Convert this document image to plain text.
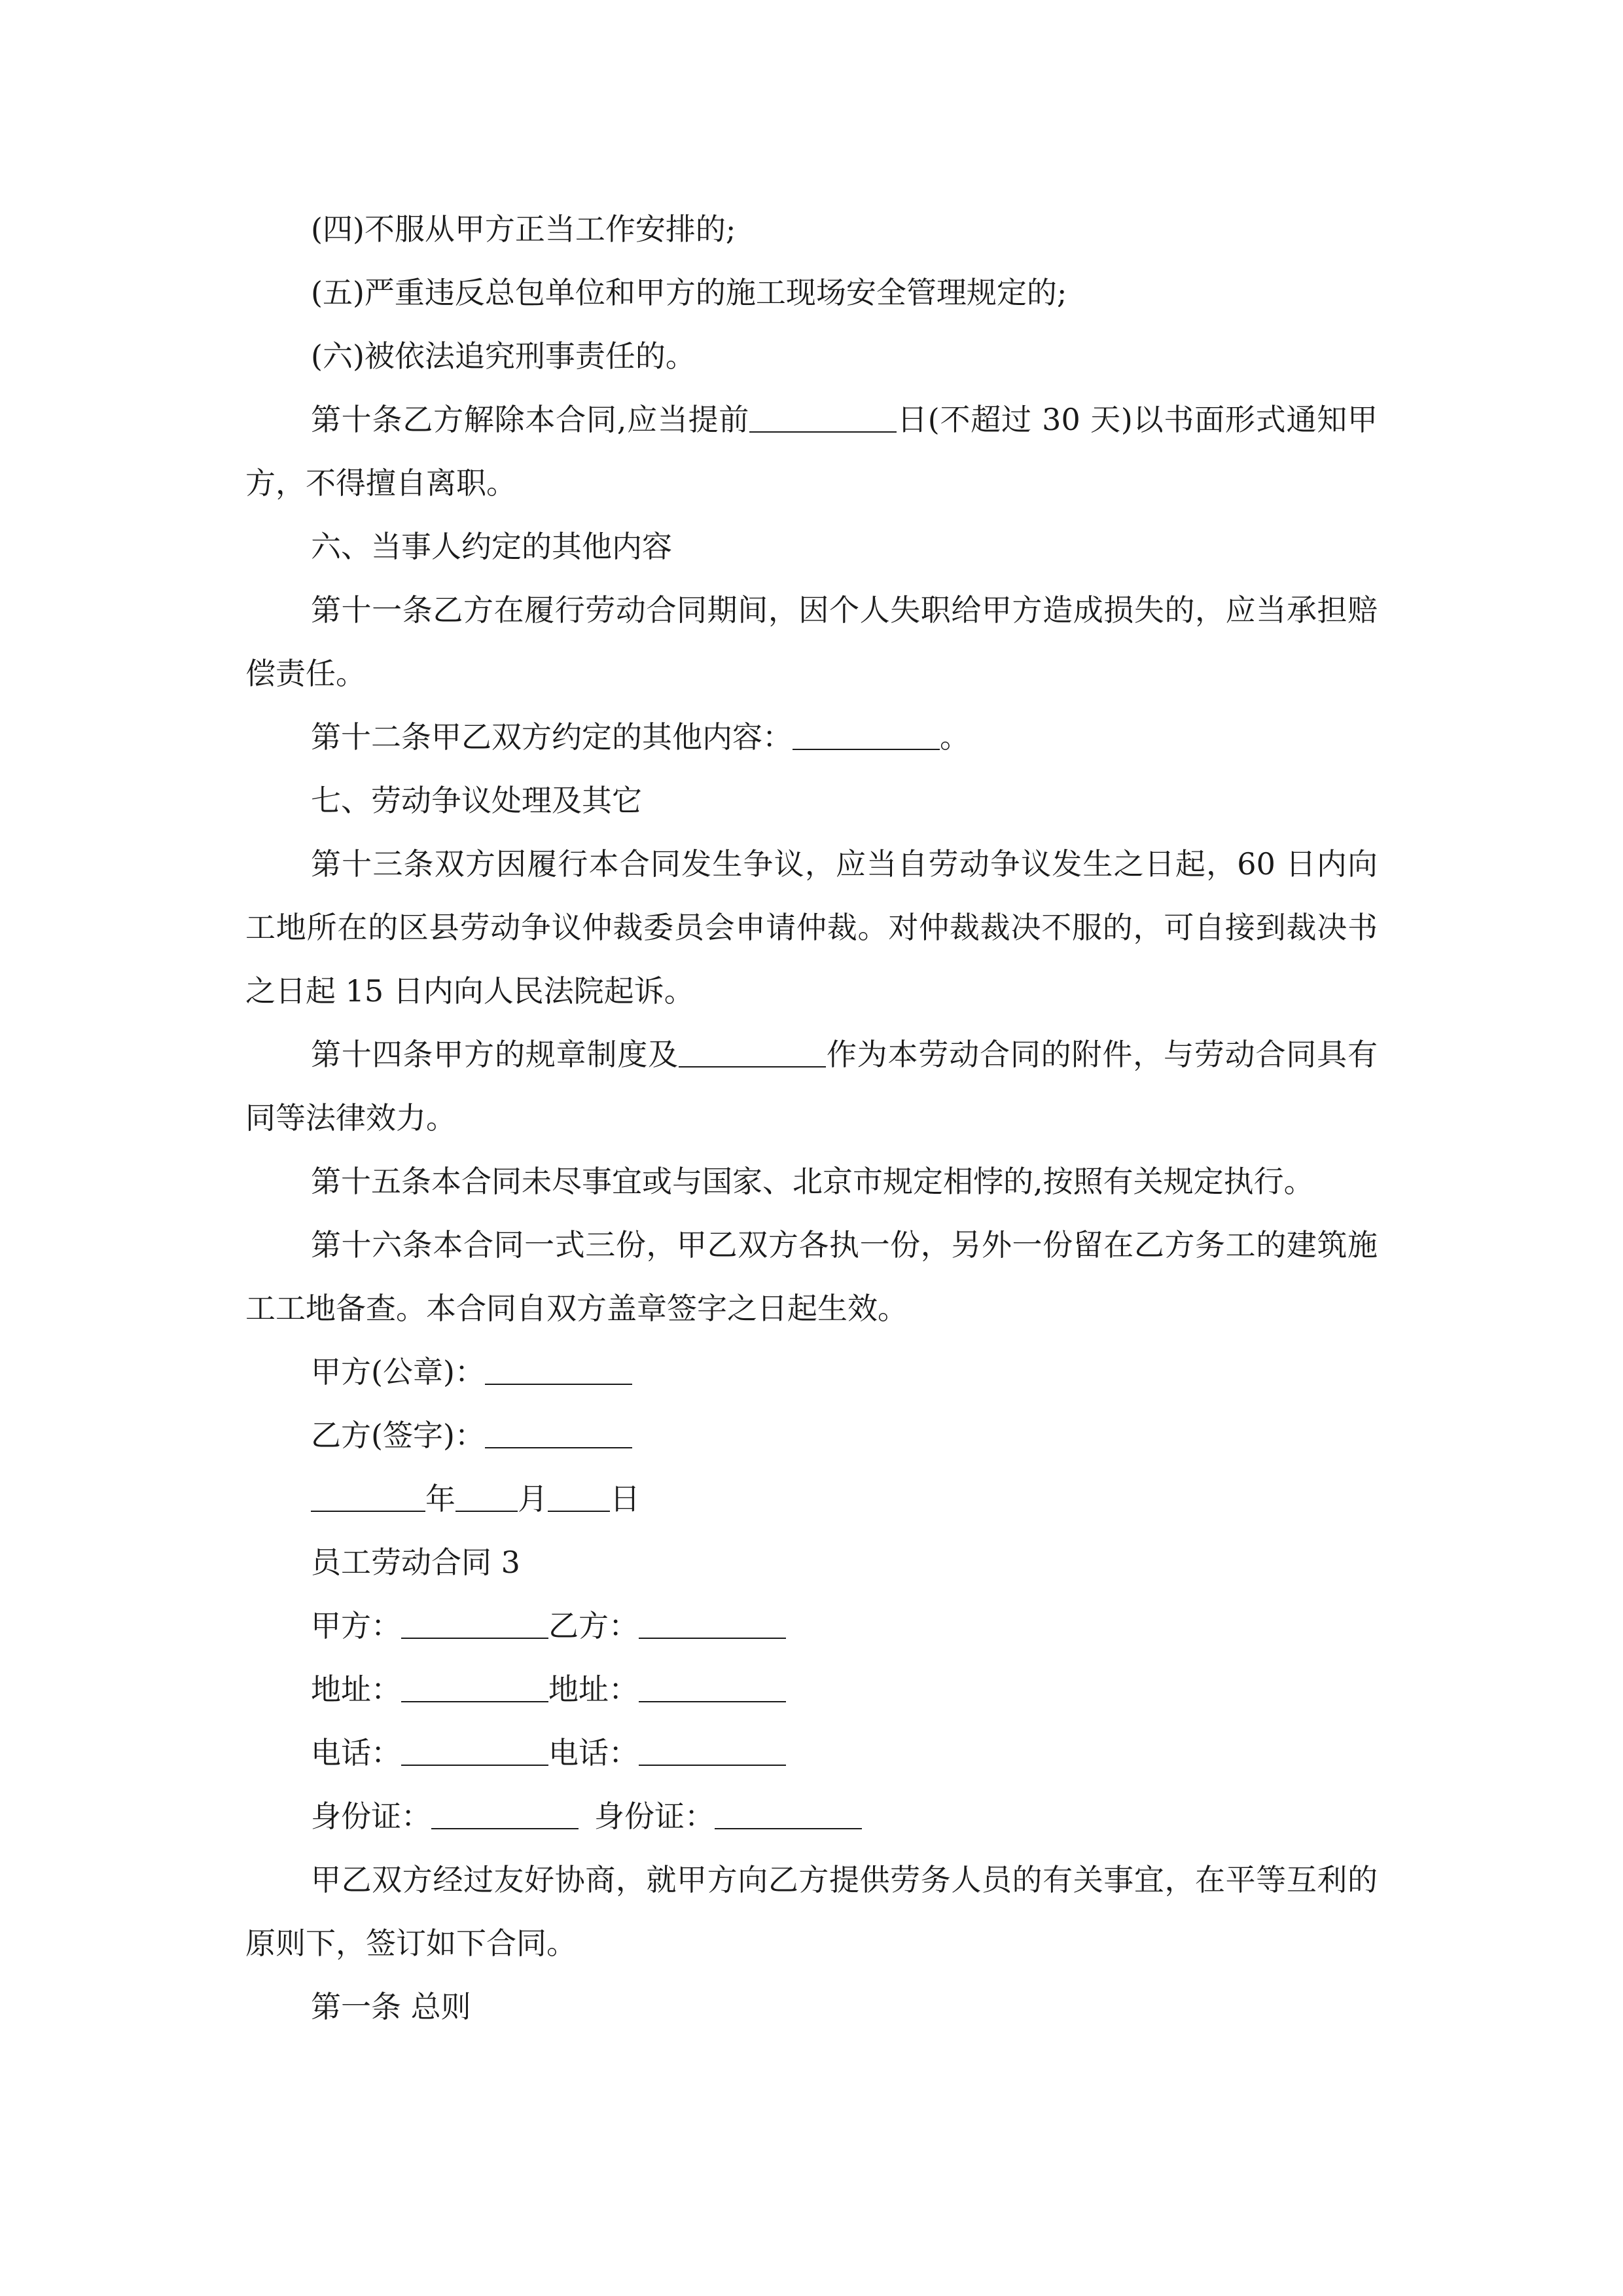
(四)不服从甲方正当工作安排的;

(五)严重违反总包单位和甲方的施工现场安全管理规定的;

(六)被依法追究刑事责任的。

第十条乙方解除本合同,应当提前	日(不超过 30 天)以书面形式通知甲方，不得擅自离职。

六、当事人约定的其他内容

第十一条乙方在履行劳动合同期间，因个人失职给甲方造成损失的，应当承担赔偿责任。

第十二条甲乙双方约定的其他内容：	。

七、劳动争议处理及其它

第十三条双方因履行本合同发生争议，应当自劳动争议发生之日起，60 日内向工地所在的区县劳动争议仲裁委员会申请仲裁。对仲裁裁决不服的，可自接到裁决书之日起 15 日内向人民法院起诉。

第十四条甲方的规章制度及	作为本劳动合同的附件，与劳动合同具有同等法律效力。

第十五条本合同未尽事宜或与国家、北京市规定相悖的,按照有关规定执行。

第十六条本合同一式三份，甲乙双方各执一份，另外一份留在乙方务工的建筑施工工地备查。本合同自双方盖章签字之日起生效。

甲方(公章)：

乙方(签字)：

年 月 日

员工劳动合同 3

甲方：	乙方：

地址：	地址：

电话：	电话：

身份证：	身份证：

甲乙双方经过友好协商，就甲方向乙方提供劳务人员的有关事宜，在平等互利的原则下，签订如下合同。

第一条 总则
